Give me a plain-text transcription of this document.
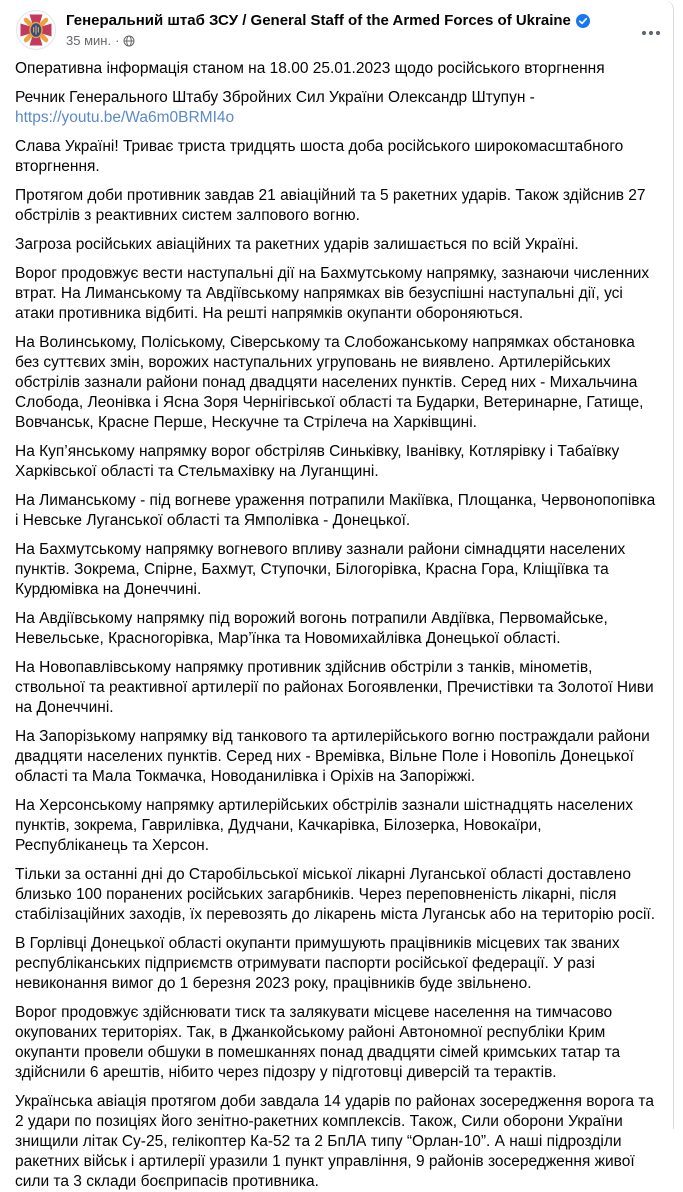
Генеральний штаб ЗСУ / General Staff of the Armed Forces of Ukraine
35 мин. ·

Оперативна інформація станом на 18.00 25.01.2023 щодо російського вторгнення

Речник Генерального Штабу Збройних Сил України Олександр Штупун -
https://youtu.be/Wa6m0BRMI4o

Слава Україні! Триває триста тридцять шоста доба російського широкомасштабного вторгнення.

Протягом доби противник завдав 21 авіаційний та 5 ракетних ударів. Також здійснив 27 обстрілів з реактивних систем залпового вогню.

Загроза російських авіаційних та ракетних ударів залишається по всій Україні.

Ворог продовжує вести наступальні дії на Бахмутському напрямку, зазнаючи численних втрат. На Лиманському та Авдіївському напрямках вів безуспішні наступальні дії, усі атаки противника відбиті. На решті напрямків окупанти обороняються.

На Волинському, Поліському, Сіверському та Слобожанському напрямках обстановка без суттєвих змін, ворожих наступальних угруповань не виявлено. Артилерійських обстрілів зазнали райони понад двадцяти населених пунктів. Серед них - Михальчина Слобода, Леонівка і Ясна Зоря Чернігівської області та Бударки, Ветеринарне, Гатище, Вовчанськ, Красне Перше, Нескучне та Стрілеча на Харківщині.

На Куп’янському напрямку ворог обстріляв Синьківку, Іванівку, Котлярівку і Табаївку Харківської області та Стельмахівку на Луганщині.

На Лиманському - під вогневе ураження потрапили Макіївка, Площанка, Червонопопівка і Невське Луганської області та Ямполівка - Донецької.

На Бахмутському напрямку вогневого впливу зазнали райони сімнадцяти населених пунктів. Зокрема, Спірне, Бахмут, Ступочки, Білогорівка, Красна Гора, Кліщіївка та Курдюмівка на Донеччині.

На Авдіївському напрямку під ворожий вогонь потрапили Авдіївка, Первомайське, Невельське, Красногорівка, Мар’їнка та Новомихайлівка Донецької області.

На Новопавлівському напрямку противник здійснив обстріли з танків, мінометів, ствольної та реактивної артилерії по районах Богоявленки, Пречистівки та Золотої Ниви на Донеччині.

На Запорізькому напрямку від танкового та артилерійського вогню постраждали райони двадцяти населених пунктів. Серед них - Времівка, Вільне Поле і Новопіль Донецької області та Мала Токмачка, Новоданилівка і Оріхів на Запоріжжі.

На Херсонському напрямку артилерійських обстрілів зазнали шістнадцять населених пунктів, зокрема, Гаврилівка, Дудчани, Качкарівка, Білозерка, Новокаїри, Республіканець та Херсон.

Тільки за останні дні до Старобільської міської лікарні Луганської області доставлено близько 100 поранених російських загарбників. Через переповненість лікарні, після стабілізаційних заходів, їх перевозять до лікарень міста Луганськ або на територію росії.

В Горлівці Донецької області окупанти примушують працівників місцевих так званих республіканських підприємств отримувати паспорти російської федерації. У разі невиконання вимог до 1 березня 2023 року, працівників буде звільнено.

Ворог продовжує здійснювати тиск та залякувати місцеве населення на тимчасово окупованих територіях. Так, в Джанкойському районі Автономної республіки Крим окупанти провели обшуки в помешканнях понад двадцяти сімей кримських татар та здійснили 6 арештів, нібито через підозру у підготовці диверсій та терактів.

Українська авіація протягом доби завдала 14 ударів по районах зосередження ворога та 2 удари по позиціях його зенітно-ракетних комплексів. Також, Сили оборони України знищили літак Су-25, гелікоптер Ка-52 та 2 БпЛА типу “Орлан-10”. А наші підрозділи ракетних військ і артилерії уразили 1 пункт управління, 9 районів зосередження живої сили та 3 склади боєприпасів противника.
